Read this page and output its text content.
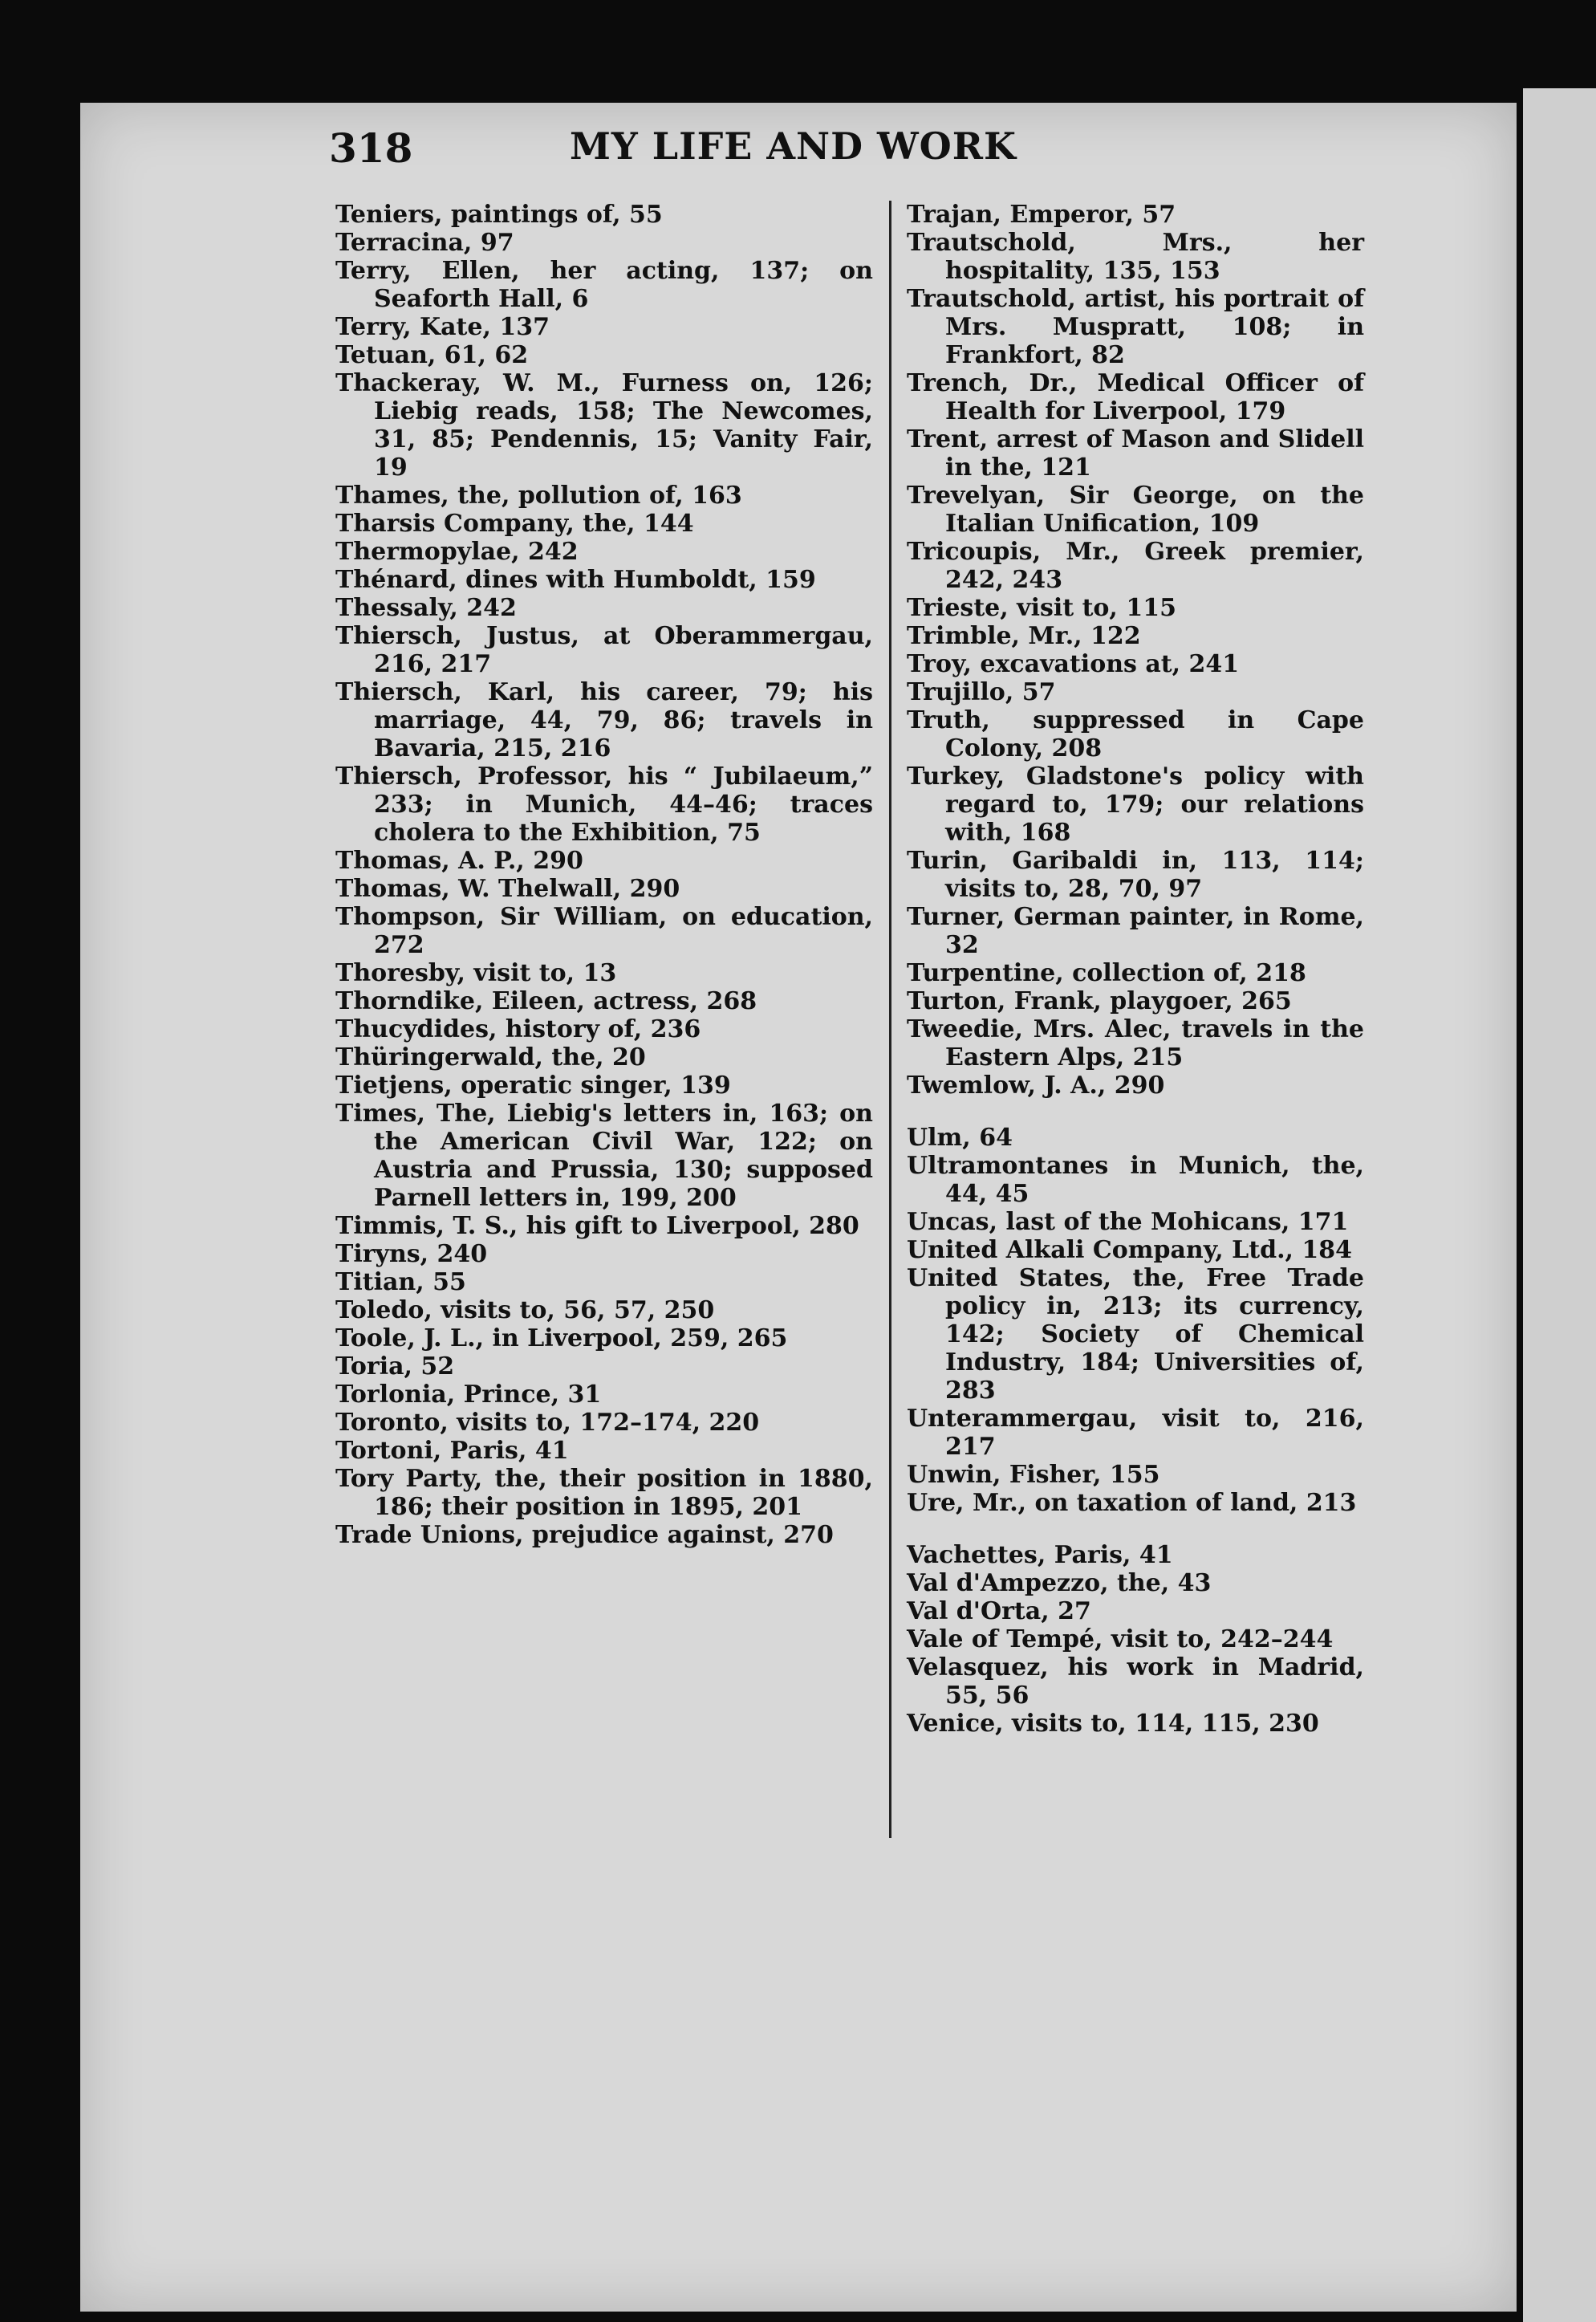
318	MY LIFE AND WORK
Teniers, paintings of, 55
Terracina, 97
Terry, Ellen, her acting, 137; on Seaforth Hall, 6
Terry, Kate, 137
Tetuan, 61, 62
Thackeray, W. M., Furness on, 126; Liebig reads, 158; The Newcomes, 31, 85; Pendennis, 15; Vanity Fair, 19
Thames, the, pollution of, 163
Tharsis Company, the, 144
Thermopylae, 242
Thénard, dines with Humboldt, 159
Thessaly, 242
Thiersch, Justus, at Oberammergau, 216, 217
Thiersch, Karl, his career, 79; his marriage, 44, 79, 86; travels in Bavaria, 215, 216
Thiersch, Professor, his “ Jubilaeum,” 233; in Munich, 44–46; traces cholera to the Exhibition, 75
Thomas, A. P., 290
Thomas, W. Thelwall, 290
Thompson, Sir William, on education, 272
Thoresby, visit to, 13
Thorndike, Eileen, actress, 268
Thucydides, history of, 236
Thüringerwald, the, 20
Tietjens, operatic singer, 139
Times, The, Liebig's letters in, 163; on the American Civil War, 122; on Austria and Prussia, 130; supposed Parnell letters in, 199, 200
Timmis, T. S., his gift to Liverpool, 280
Tiryns, 240
Titian, 55
Toledo, visits to, 56, 57, 250
Toole, J. L., in Liverpool, 259, 265
Toria, 52
Torlonia, Prince, 31
Toronto, visits to, 172–174, 220
Tortoni, Paris, 41
Tory Party, the, their position in 1880, 186; their position in 1895, 201
Trade Unions, prejudice against, 270
Trajan, Emperor, 57
Trautschold, Mrs., her hospitality, 135, 153
Trautschold, artist, his portrait of Mrs. Muspratt, 108; in Frankfort, 82
Trench, Dr., Medical Officer of Health for Liverpool, 179
Trent, arrest of Mason and Slidell in the, 121
Trevelyan, Sir George, on the Italian Unification, 109
Tricoupis, Mr., Greek premier, 242, 243
Trieste, visit to, 115
Trimble, Mr., 122
Troy, excavations at, 241
Trujillo, 57
Truth, suppressed in Cape Colony, 208
Turkey, Gladstone's policy with regard to, 179; our relations with, 168
Turin, Garibaldi in, 113, 114; visits to, 28, 70, 97
Turner, German painter, in Rome, 32
Turpentine, collection of, 218
Turton, Frank, playgoer, 265
Tweedie, Mrs. Alec, travels in the Eastern Alps, 215
Twemlow, J. A., 290
Ulm, 64
Ultramontanes in Munich, the, 44, 45
Uncas, last of the Mohicans, 171
United Alkali Company, Ltd., 184
United States, the, Free Trade policy in, 213; its currency, 142; Society of Chemical Industry, 184; Universities of, 283
Unterammergau, visit to, 216, 217
Unwin, Fisher, 155
Ure, Mr., on taxation of land, 213
Vachettes, Paris, 41
Val d'Ampezzo, the, 43
Val d'Orta, 27
Vale of Tempé, visit to, 242–244
Velasquez, his work in Madrid, 55, 56
Venice, visits to, 114, 115, 230
